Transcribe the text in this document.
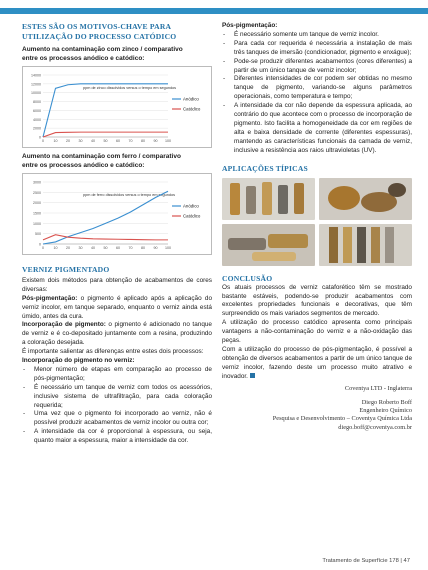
ESTES SÃO OS MOTIVOS-CHAVE PARA
UTILIZAÇÃO DO PROCESSO CATÓDICO
Aumento na contaminação com zinco / comparativo
entre os processos anódico e catódico:
0
2000
4000
6000
8000
10000
12000
14000
0	10 20 30 40 50 60 70 80 90 100
ppm de zinco dissolvidos versus o tempo em segundos
Anódico
Catódico
Aumento na contaminação com ferro / comparativo
entre os processos anódico e catódico:
0
500
1000
1500
2000
2500
3000
0	10 20 30 40 50 60 70 80 90 100
ppm de ferro dissolvidos versus o tempo em segundos
Anódico
Catódico
VERNIZ PIGMENTADO

Existem dois métodos para obtenção de acabamentos de cores diversas:

Pós-pigmentação: o pigmento é aplicado após a aplicação do verniz incolor, em tanque separado, enquanto o verniz ainda está úmido, antes da cura.

Incorporação de pigmento: o pigmento é adicionado no tanque de verniz e é co-depositado juntamente com a resina, produzindo a coloração desejada.

É importante salientar as diferenças entre estes dois processos:

Incorporação do pigmento no verniz:

- Menor número de etapas em comparação ao processo de pós-pigmentação;
- É necessário um tanque de verniz com todos os acessórios, inclusive sistema de ultrafiltração, para cada coloração requerida;
- Uma vez que o pigmento foi incorporado ao verniz, não é possível produzir acabamentos de verniz incolor ou outra cor;
- A intensidade da cor é proporcional à espessura, ou seja, quanto maior a espessura, maior a intensidade da cor.

Pós-pigmentação:

- É necessário somente um tanque de verniz incolor.
- Para cada cor requerida é necessária a instalação de mais três tanques de imersão (condicionador, pigmento e enxágue);
- Pode-se produzir diferentes acabamentos (cores diferentes) a partir de um único tanque de verniz incolor;
- Diferentes intensidades de cor podem ser obtidas no mesmo tanque de pigmento, variando-se alguns parâmetros operacionais, como temperatura e tempo;
- A intensidade da cor não depende da espessura aplicada, ao contrário do que acontece com o processo de incorporação de pigmento. Isto facilita a homogeneidade da cor em regiões de alta e baixa densidade de corrente (diferentes espessuras), mantendo as características funcionais da camada de verniz, inclusive a resistência aos raios ultravioletas (UV).
APLICAÇÕES TÍPICAS
CONCLUSÃO

Os atuais processos de verniz cataforético têm se mostrado bastante estáveis, podendo-se produzir acabamentos com excelentes propriedades funcionais e decorativas, que têm surpreendido os mais variados segmentos de mercado.

A utilização do processo catódico apresenta como principais vantagens a não-contaminação do verniz e a não-oxidação das peças.

Com a utilização do processo de pós-pigmentação, é possível a obtenção de diversos acabamentos a partir de um único tanque de verniz incolor, fazendo deste um processo muito atrativo e inovador.

Coventya LTD - Inglaterra
Diego Roberto Boff
Engenheiro Químico
Pesquisa e Desenvolvimento – Coventya Química Ltda
diego.boff@coventya.com.br
Tratamento de Superfície 178 | 47
